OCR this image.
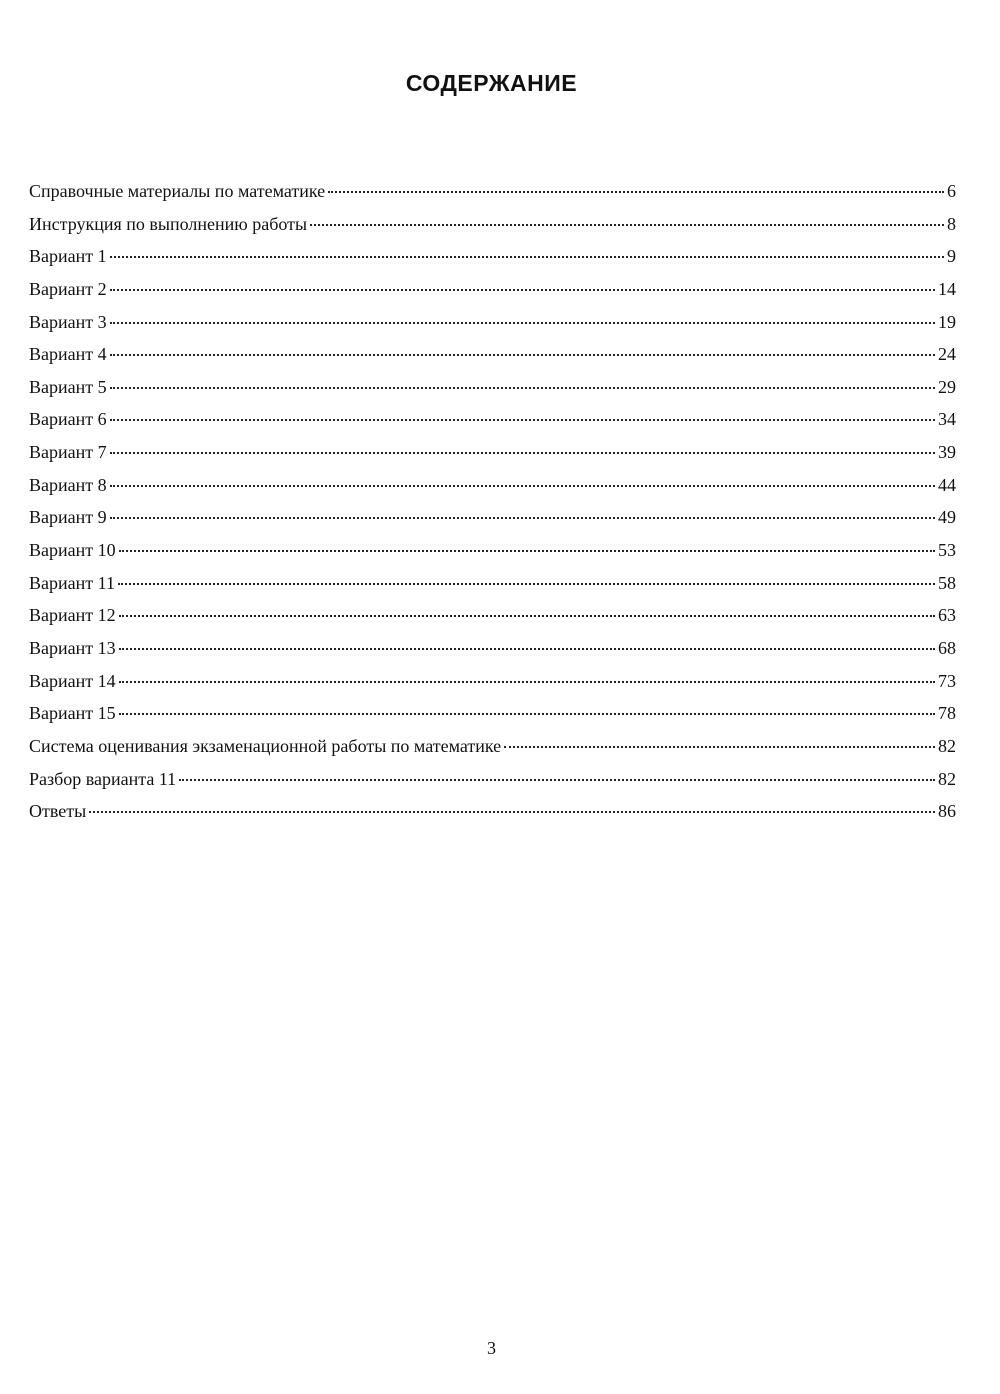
СОДЕРЖАНИЕ
Справочные материалы по математике	6
Инструкция по выполнению работы	8
Вариант 1	9
Вариант 2	14
Вариант 3	19
Вариант 4	24
Вариант 5	29
Вариант 6	34
Вариант 7	39
Вариант 8	44
Вариант 9	49
Вариант 10	53
Вариант 11	58
Вариант 12	63
Вариант 13	68
Вариант 14	73
Вариант 15	78
Система оценивания экзаменационной работы по математике	82
Разбор варианта 11	82
Ответы	86
3
